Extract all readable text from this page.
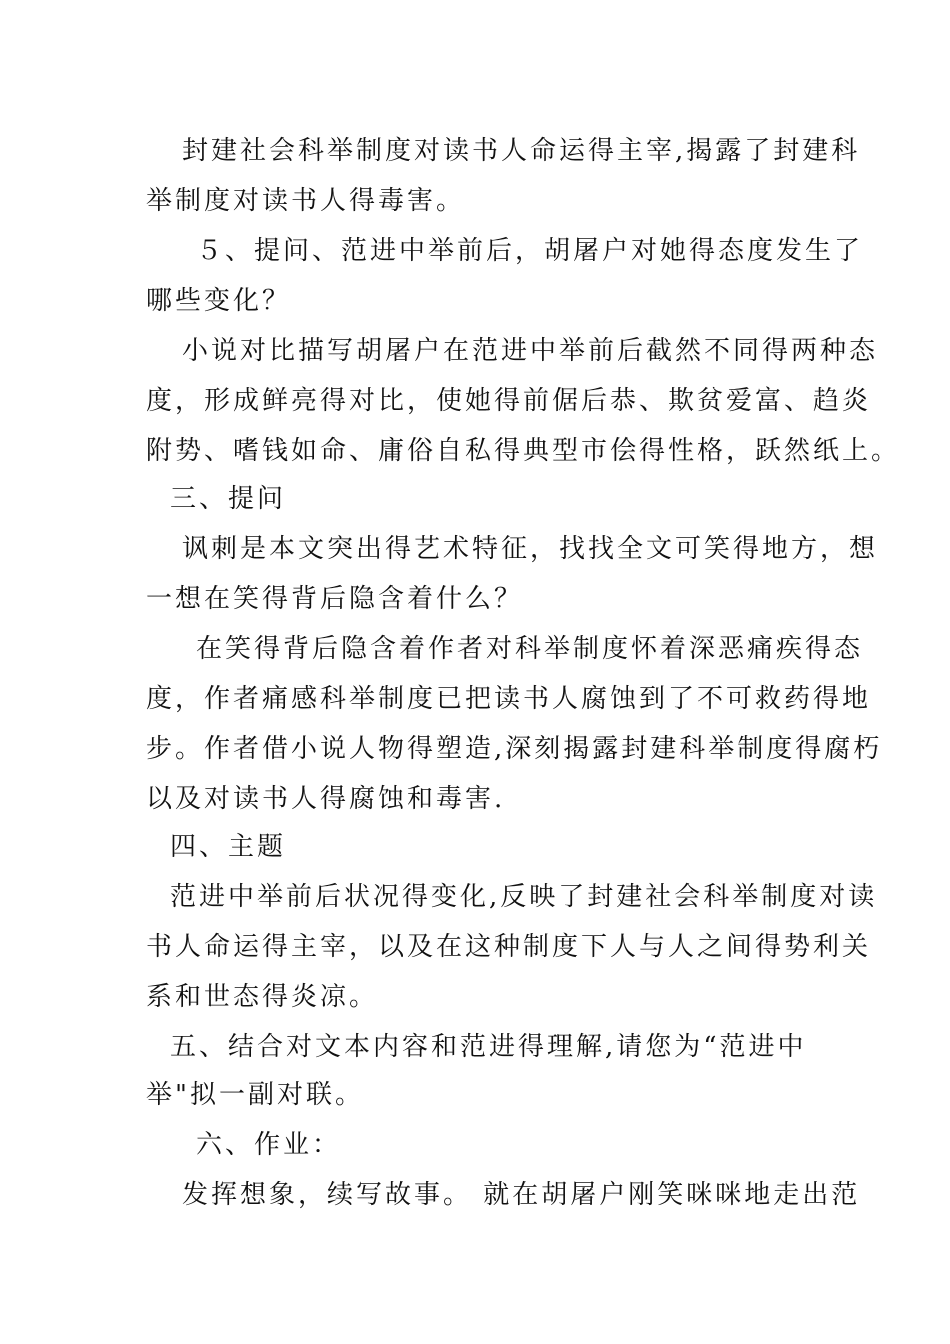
封建社会科举制度对读书人命运得主宰,揭露了封建科
举制度对读书人得毒害。
５、提问、范进中举前后，胡屠户对她得态度发生了
哪些变化？
小说对比描写胡屠户在范进中举前后截然不同得两种态
度，形成鲜亮得对比，使她得前倨后恭、欺贫爱富、趋炎
附势、嗜钱如命、庸俗自私得典型市侩得性格，跃然纸上。
三、提问
讽刺是本文突出得艺术特征，找找全文可笑得地方，想
一想在笑得背后隐含着什么？
在笑得背后隐含着作者对科举制度怀着深恶痛疾得态
度，作者痛感科举制度已把读书人腐蚀到了不可救药得地
步。作者借小说人物得塑造,深刻揭露封建科举制度得腐朽
以及对读书人得腐蚀和毒害.
四、主题
范进中举前后状况得变化,反映了封建社会科举制度对读
书人命运得主宰，以及在这种制度下人与人之间得势利关
系和世态得炎凉。
五、结合对文本内容和范进得理解,请您为“范进中
举"拟一副对联。
六、作业：
发挥想象，续写故事。 就在胡屠户刚笑咪咪地走出范
